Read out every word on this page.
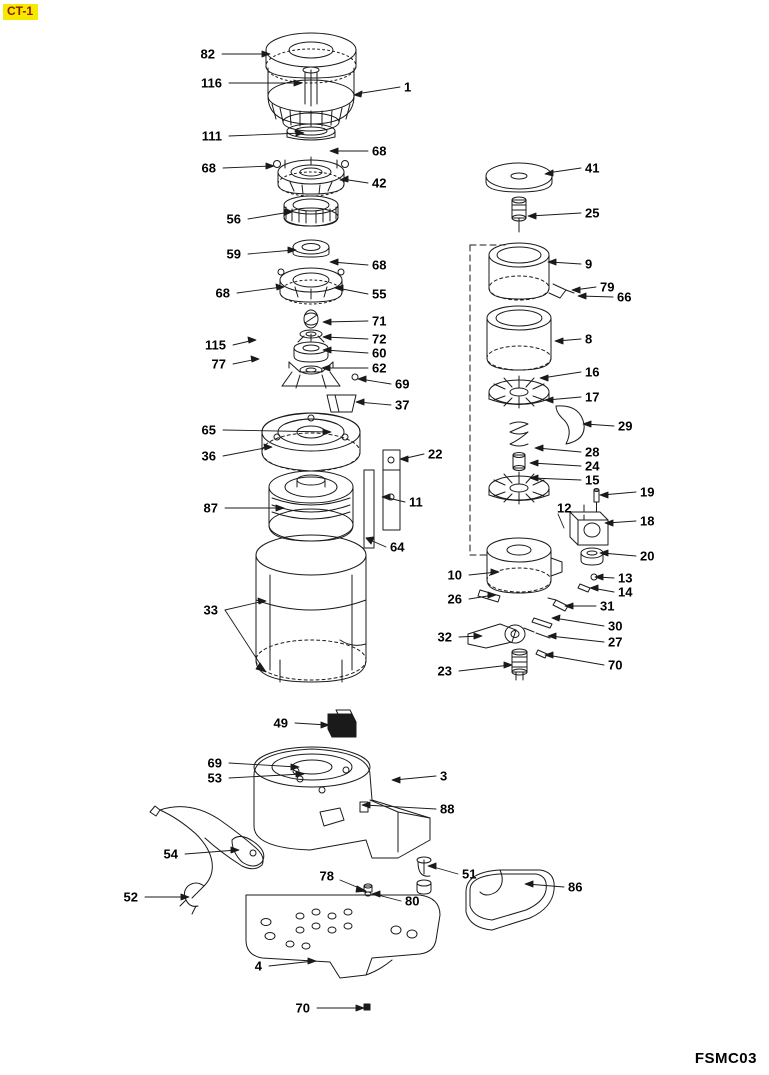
CT-1
FSMC03
82
116	1
111
68
68
42
41
56	25
59
68	9
68	55	79
66
71
72	8
115
60
77	62	16
69
17
37
29
65
36	22	28
24
15
11
19
87	12
18
20
64
10	13
14
26	31
33
30
32	27
23	70
49
69
53	3
88
54
78	51
86
52	80
4
70
